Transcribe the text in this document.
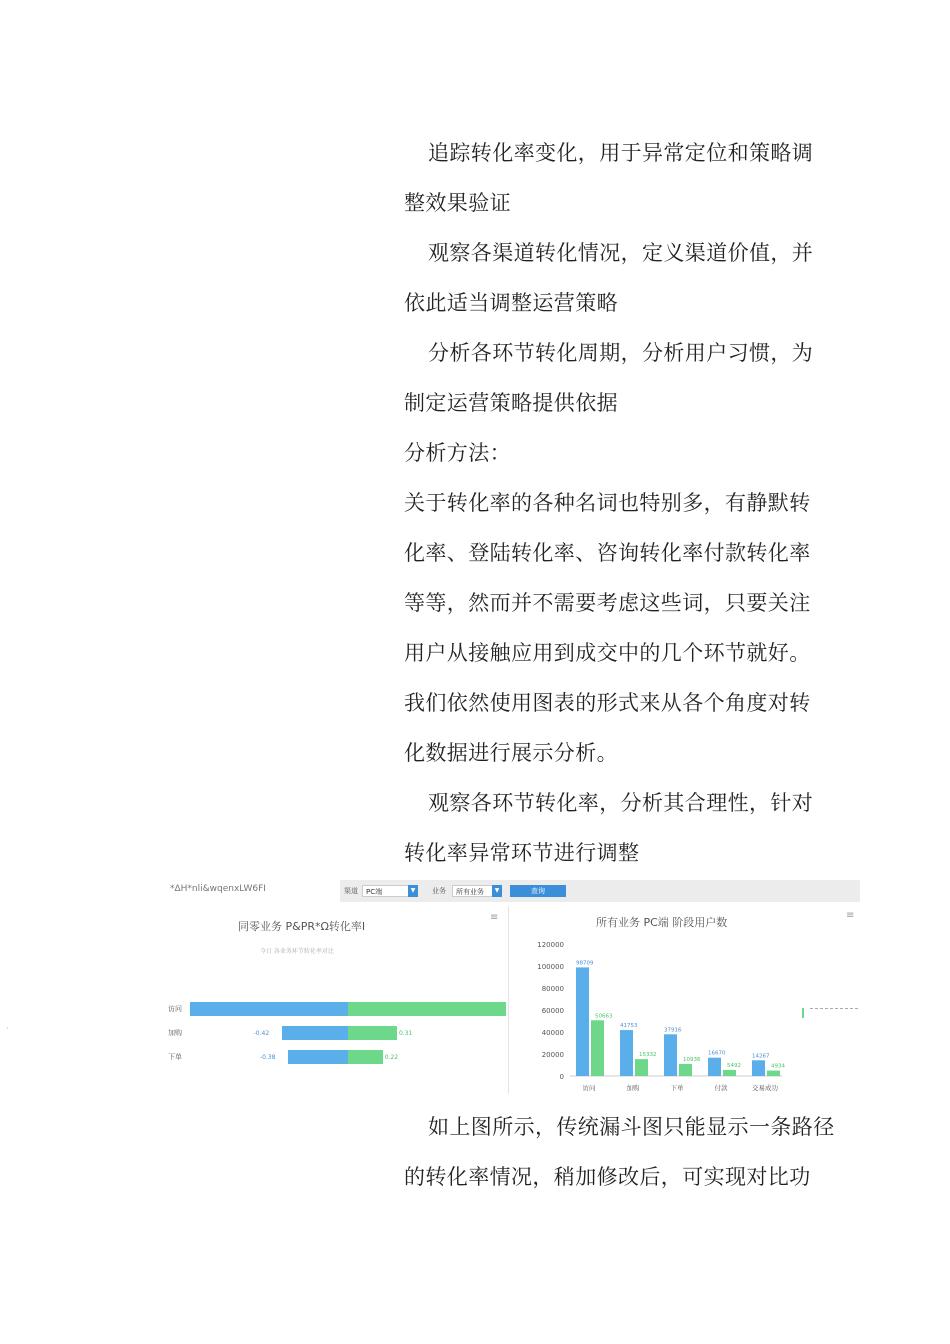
追踪转化率变化，用于异常定位和策略调
整效果验证
观察各渠道转化情况，定义渠道价值，并
依此适当调整运营策略
分析各环节转化周期，分析用户习惯，为
制定运营策略提供依据
分析方法：
关于转化率的各种名词也特别多，有静默转
化率、登陆转化率、咨询转化率付款转化率
等等，然而并不需要考虑这些词，只要关注
用户从接触应用到成交中的几个环节就好。
我们依然使用图表的形式来从各个角度对转
化数据进行展示分析。
观察各环节转化率，分析其合理性，针对
转化率异常环节进行调整
*ΔH*nli&wqenxLW6FI	渠道	PC端	▼	业务	所有业务	▼	查询
同零业务 P&PR*Ω转化率Ⅰ
今日 各业务环节转化率对比
≡
访问
加购	-0.42	0.31
下单	-0.38	0.22
所有业务 PC端 阶段用户数
≡
0
20000
40000
60000
80000
100000
120000
98709
50663
访问
41753
15332
加购
37916
10936
下单
16670
5492
付款
14267
4934
交易成功
·
如上图所示，传统漏斗图只能显示一条路径
的转化率情况，稍加修改后，可实现对比功
